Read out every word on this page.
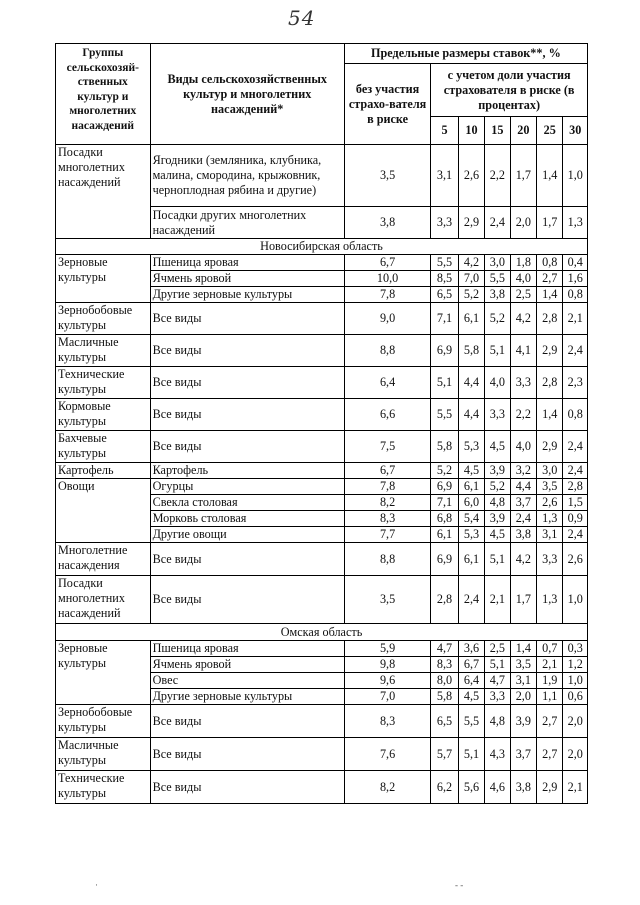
54
Группы сельскохозяй-ственных культур и многолетних насаждений	Виды сельскохозяйственных культур и многолетних насаждений*	Предельные размеры ставок**, %						
		без участия страхо-вателя в риске	с учетом доли участия страхователя в риске (в процентах)					
			5	10	15	20	25	30
Посадки многолетних насаждений	Ягодники (земляника, клубника, малина, смородина, крыжовник, черноплодная рябина и другие)	3,5	3,1	2,6	2,2	1,7	1,4	1,0
	Посадки других многолетних насаждений	3,8	3,3	2,9	2,4	2,0	1,7	1,3
Новосибирская область								
Зерновые культуры	Пшеница яровая	6,7	5,5	4,2	3,0	1,8	0,8	0,4
	Ячмень яровой	10,0	8,5	7,0	5,5	4,0	2,7	1,6
	Другие зерновые культуры	7,8	6,5	5,2	3,8	2,5	1,4	0,8
Зернобобовые культуры	Все виды	9,0	7,1	6,1	5,2	4,2	2,8	2,1
Масличные культуры	Все виды	8,8	6,9	5,8	5,1	4,1	2,9	2,4
Технические культуры	Все виды	6,4	5,1	4,4	4,0	3,3	2,8	2,3
Кормовые культуры	Все виды	6,6	5,5	4,4	3,3	2,2	1,4	0,8
Бахчевые культуры	Все виды	7,5	5,8	5,3	4,5	4,0	2,9	2,4
Картофель	Картофель	6,7	5,2	4,5	3,9	3,2	3,0	2,4
Овощи	Огурцы	7,8	6,9	6,1	5,2	4,4	3,5	2,8
	Свекла столовая	8,2	7,1	6,0	4,8	3,7	2,6	1,5
	Морковь столовая	8,3	6,8	5,4	3,9	2,4	1,3	0,9
	Другие овощи	7,7	6,1	5,3	4,5	3,8	3,1	2,4
Многолетние насаждения	Все виды	8,8	6,9	6,1	5,1	4,2	3,3	2,6
Посадки многолетних насаждений	Все виды	3,5	2,8	2,4	2,1	1,7	1,3	1,0
Омская область								
Зерновые культуры	Пшеница яровая	5,9	4,7	3,6	2,5	1,4	0,7	0,3
	Ячмень яровой	9,8	8,3	6,7	5,1	3,5	2,1	1,2
	Овес	9,6	8,0	6,4	4,7	3,1	1,9	1,0
	Другие зерновые культуры	7,0	5,8	4,5	3,3	2,0	1,1	0,6
Зернобобовые культуры	Все виды	8,3	6,5	5,5	4,8	3,9	2,7	2,0
Масличные культуры	Все виды	7,6	5,7	5,1	4,3	3,7	2,7	2,0
Технические культуры	Все виды	8,2	6,2	5,6	4,6	3,8	2,9	2,1
·	- -
